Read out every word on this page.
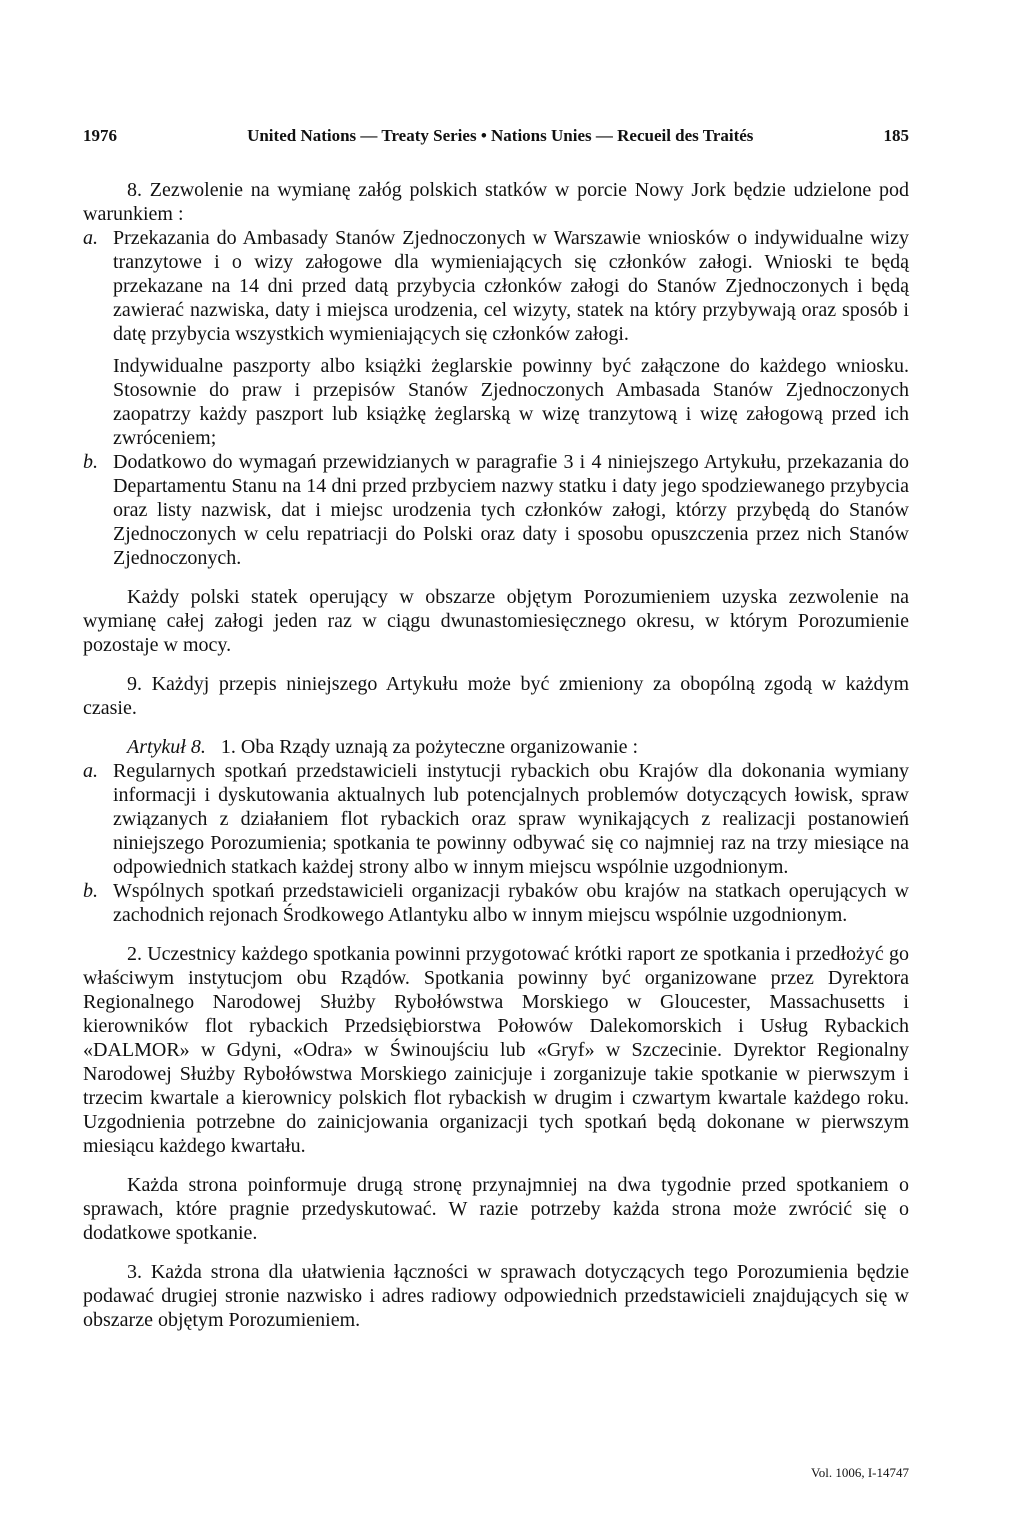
1976	United Nations — Treaty Series • Nations Unies — Recueil des Traités	185

8. Zezwolenie na wymianę załóg polskich statków w porcie Nowy Jork będzie udzielone pod warunkiem :

a. Przekazania do Ambasady Stanów Zjednoczonych w Warszawie wniosków o indywidualne wizy tranzytowe i o wizy załogowe dla wymieniających się członków załogi. Wnioski te będą przekazane na 14 dni przed datą przybycia członków załogi do Stanów Zjednoczonych i będą zawierać nazwiska, daty i miejsca urodzenia, cel wizyty, statek na który przybywają oraz sposób i datę przybycia wszystkich wymieniających się członków załogi.

Indywidualne paszporty albo książki żeglarskie powinny być załączone do każdego wniosku. Stosownie do praw i przepisów Stanów Zjednoczonych Ambasada Stanów Zjednoczonych zaopatrzy każdy paszport lub książkę żeglarską w wizę tranzytową i wizę załogową przed ich zwróceniem;

b. Dodatkowo do wymagań przewidzianych w paragrafie 3 i 4 niniejszego Artykułu, przekazania do Departamentu Stanu na 14 dni przed przbyciem nazwy statku i daty jego spodziewanego przybycia oraz listy nazwisk, dat i miejsc urodzenia tych członków załogi, którzy przybędą do Stanów Zjednoczonych w celu repatriacji do Polski oraz daty i sposobu opuszczenia przez nich Stanów Zjednoczonych.

Każdy polski statek operujący w obszarze objętym Porozumieniem uzyska zezwolenie na wymianę całej załogi jeden raz w ciągu dwunastomiesięcznego okresu, w którym Porozumienie pozostaje w mocy.

9. Każdyj przepis niniejszego Artykułu może być zmieniony za obopólną zgodą w każdym czasie.

Artykuł 8. 1. Oba Rządy uznają za pożyteczne organizowanie :

a. Regularnych spotkań przedstawicieli instytucji rybackich obu Krajów dla dokonania wymiany informacji i dyskutowania aktualnych lub potencjalnych problemów dotyczących łowisk, spraw związanych z działaniem flot rybackich oraz spraw wynikających z realizacji postanowień niniejszego Porozumienia; spotkania te powinny odbywać się co najmniej raz na trzy miesiące na odpowiednich statkach każdej strony albo w innym miejscu wspólnie uzgodnionym.

b. Wspólnych spotkań przedstawicieli organizacji rybaków obu krajów na statkach operujących w zachodnich rejonach Środkowego Atlantyku albo w innym miejscu wspólnie uzgodnionym.

2. Uczestnicy każdego spotkania powinni przygotować krótki raport ze spotkania i przedłożyć go właściwym instytucjom obu Rządów. Spotkania powinny być organizowane przez Dyrektora Regionalnego Narodowej Służby Rybołówstwa Morskiego w Gloucester, Massachusetts i kierowników flot rybackich Przedsiębiorstwa Połowów Dalekomorskich i Usług Rybackich «DALMOR» w Gdyni, «Odra» w Świnoujściu lub «Gryf» w Szczecinie. Dyrektor Regionalny Narodowej Służby Rybołówstwa Morskiego zainicjuje i zorganizuje takie spotkanie w pierwszym i trzecim kwartale a kierownicy polskich flot rybackish w drugim i czwartym kwartale każdego roku. Uzgodnienia potrzebne do zainicjowania organizacji tych spotkań będą dokonane w pierwszym miesiącu każdego kwartału.

Każda strona poinformuje drugą stronę przynajmniej na dwa tygodnie przed spotkaniem o sprawach, które pragnie przedyskutować. W razie potrzeby każda strona może zwrócić się o dodatkowe spotkanie.

3. Każda strona dla ułatwienia łączności w sprawach dotyczących tego Porozumienia będzie podawać drugiej stronie nazwisko i adres radiowy odpowiednich przedstawicieli znajdujących się w obszarze objętym Porozumieniem.

Vol. 1006, I-14747
